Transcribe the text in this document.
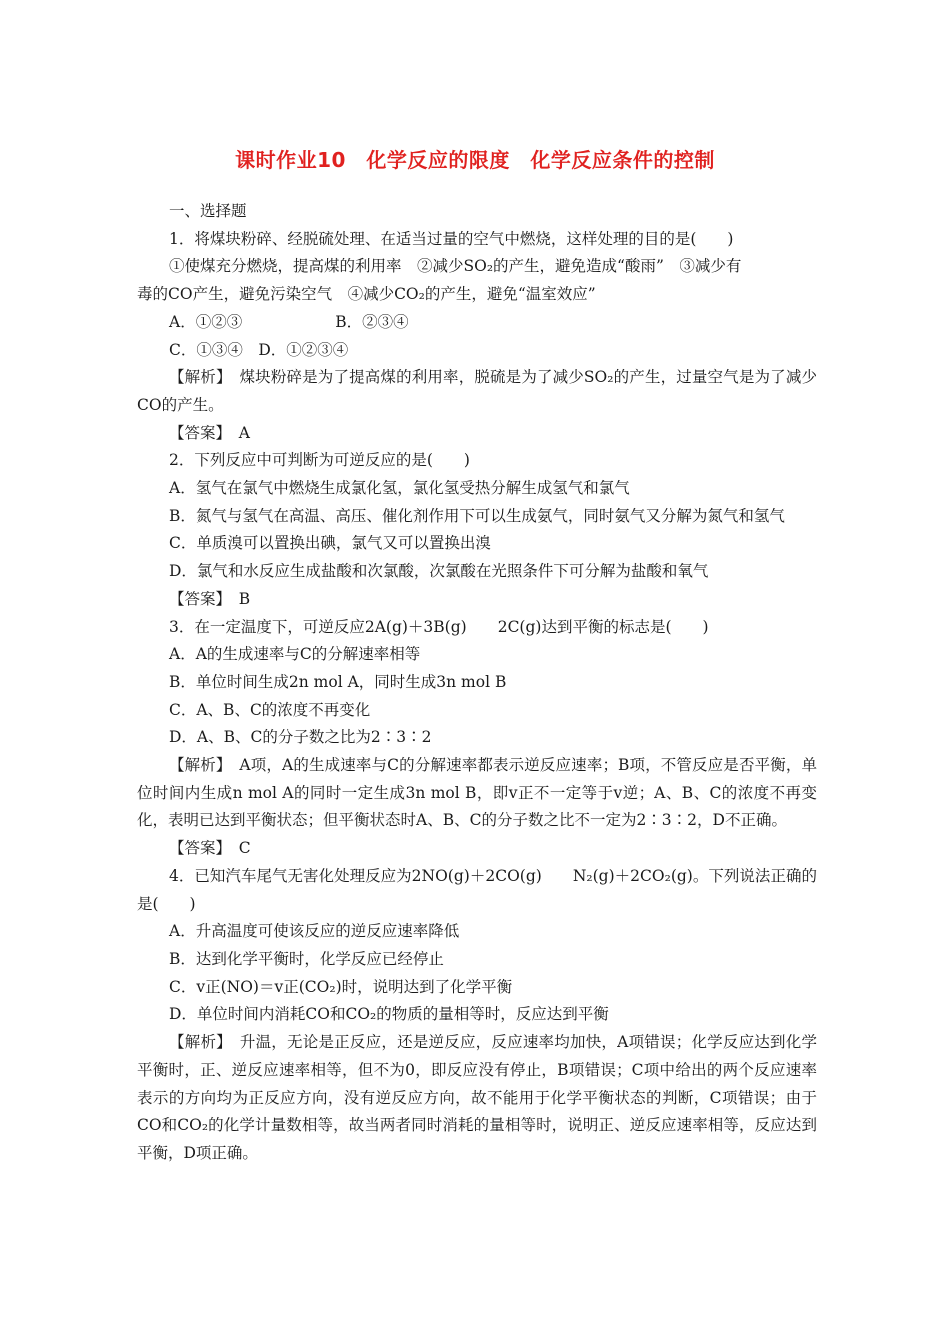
课时作业10　化学反应的限度　化学反应条件的控制

一、选择题

1．将煤块粉碎、经脱硫处理、在适当过量的空气中燃烧，这样处理的目的是(　　)

①使煤充分燃烧，提高煤的利用率　②减少SO₂的产生，避免造成“酸雨”　③减少有

毒的CO产生，避免污染空气　④减少CO₂的产生，避免“温室效应”

A．①②③　　　　　　B．②③④

C．①③④　D．①②③④

【解析】　煤块粉碎是为了提高煤的利用率，脱硫是为了减少SO₂的产生，过量空气是为了减少CO的产生。

【答案】　A

2．下列反应中可判断为可逆反应的是(　　)

A．氢气在氯气中燃烧生成氯化氢，氯化氢受热分解生成氢气和氯气

B．氮气与氢气在高温、高压、催化剂作用下可以生成氨气，同时氨气又分解为氮气和氢气

C．单质溴可以置换出碘，氯气又可以置换出溴

D．氯气和水反应生成盐酸和次氯酸，次氯酸在光照条件下可分解为盐酸和氧气

【答案】　B

3．在一定温度下，可逆反应2A(g)＋3B(g)　　2C(g)达到平衡的标志是(　　)

A．A的生成速率与C的分解速率相等

B．单位时间生成2n mol A，同时生成3n mol B

C．A、B、C的浓度不再变化

D．A、B、C的分子数之比为2∶3∶2

【解析】　A项，A的生成速率与C的分解速率都表示逆反应速率；B项，不管反应是否平衡，单位时间内生成n mol A的同时一定生成3n mol B，即v正不一定等于v逆；A、B、C的浓度不再变化，表明已达到平衡状态；但平衡状态时A、B、C的分子数之比不一定为2∶3∶2，D不正确。

【答案】　C

4．已知汽车尾气无害化处理反应为2NO(g)＋2CO(g)　　N₂(g)＋2CO₂(g)。下列说法正确的是(　　)

A．升高温度可使该反应的逆反应速率降低

B．达到化学平衡时，化学反应已经停止

C．v正(NO)＝v正(CO₂)时，说明达到了化学平衡

D．单位时间内消耗CO和CO₂的物质的量相等时，反应达到平衡

【解析】　升温，无论是正反应，还是逆反应，反应速率均加快，A项错误；化学反应达到化学平衡时，正、逆反应速率相等，但不为0，即反应没有停止，B项错误；C项中给出的两个反应速率表示的方向均为正反应方向，没有逆反应方向，故不能用于化学平衡状态的判断，C项错误；由于CO和CO₂的化学计量数相等，故当两者同时消耗的量相等时，说明正、逆反应速率相等，反应达到平衡，D项正确。
